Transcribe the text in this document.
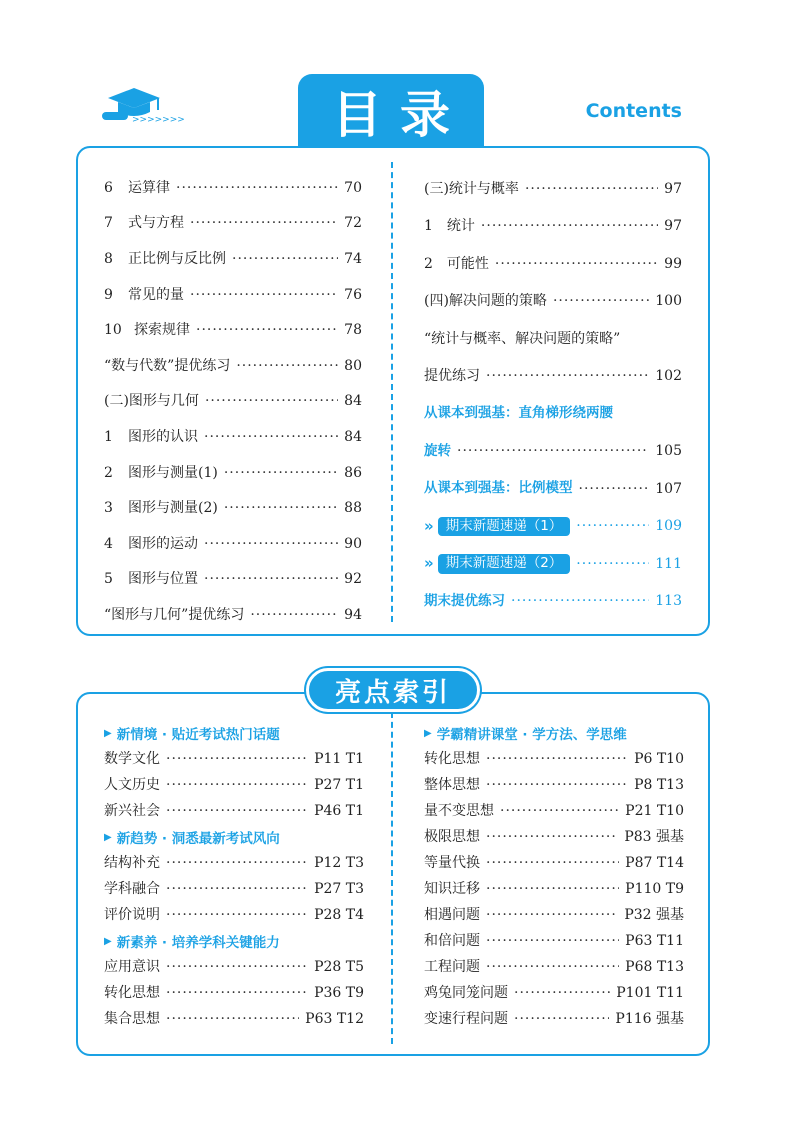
>>>>>>>	目录	Contents
6	运算律 ·····	70
7	式与方程 ·····	72
8	正比例与反比例 ·····	74
9	常见的量 ·····	76
10 探索规律 ·····	78
“数与代数”提优练习 ·····	80
(二)图形与几何 ·····	84
1	图形的认识 ·····	84
2	图形与测量(1) ·····	86
3	图形与测量(2) ·····	88
4	图形的运动 ·····	90
5	图形与位置 ·····	92
“图形与几何”提优练习 ·····	94
(三)统计与概率 ·····	97
1　统计 ·····	97
2　可能性 ·····	99
(四)解决问题的策略 ·····	100
“统计与概率、解决问题的策略”
提优练习 ·····	102
从课本到强基：直角梯形绕两腰
旋转 ·····	105
从课本到强基：比例模型 ·····	107
» 期末新题速递（1） ·····	109
» 期末新题速递（2） ·····	111
期末提优练习 ·····	113
亮点索引
▶ 新情境 · 贴近考试热门话题
数学文化 ·····	P11 T1
人文历史 ·····	P27 T1
新兴社会 ·····	P46 T1
▶ 新趋势 · 洞悉最新考试风向
结构补充 ·····	P12 T3
学科融合 ·····	P27 T3
评价说明 ·····	P28 T4
▶ 新素养 · 培养学科关键能力
应用意识 ·····	P28 T5
转化思想 ·····	P36 T9
集合思想 ·····	P63 T12
▶ 学霸精讲课堂 · 学方法、学思维
转化思想 ·····	P6 T10
整体思想 ·····	P8 T13
量不变思想 ·····	P21 T10
极限思想 ·····	P83 强基
等量代换 ·····	P87 T14
知识迁移 ·····	P110 T9
相遇问题 ·····	P32 强基
和倍问题 ·····	P63 T11
工程问题 ·····	P68 T13
鸡兔同笼问题 ·····	P101 T11
变速行程问题 ·····	P116 强基
